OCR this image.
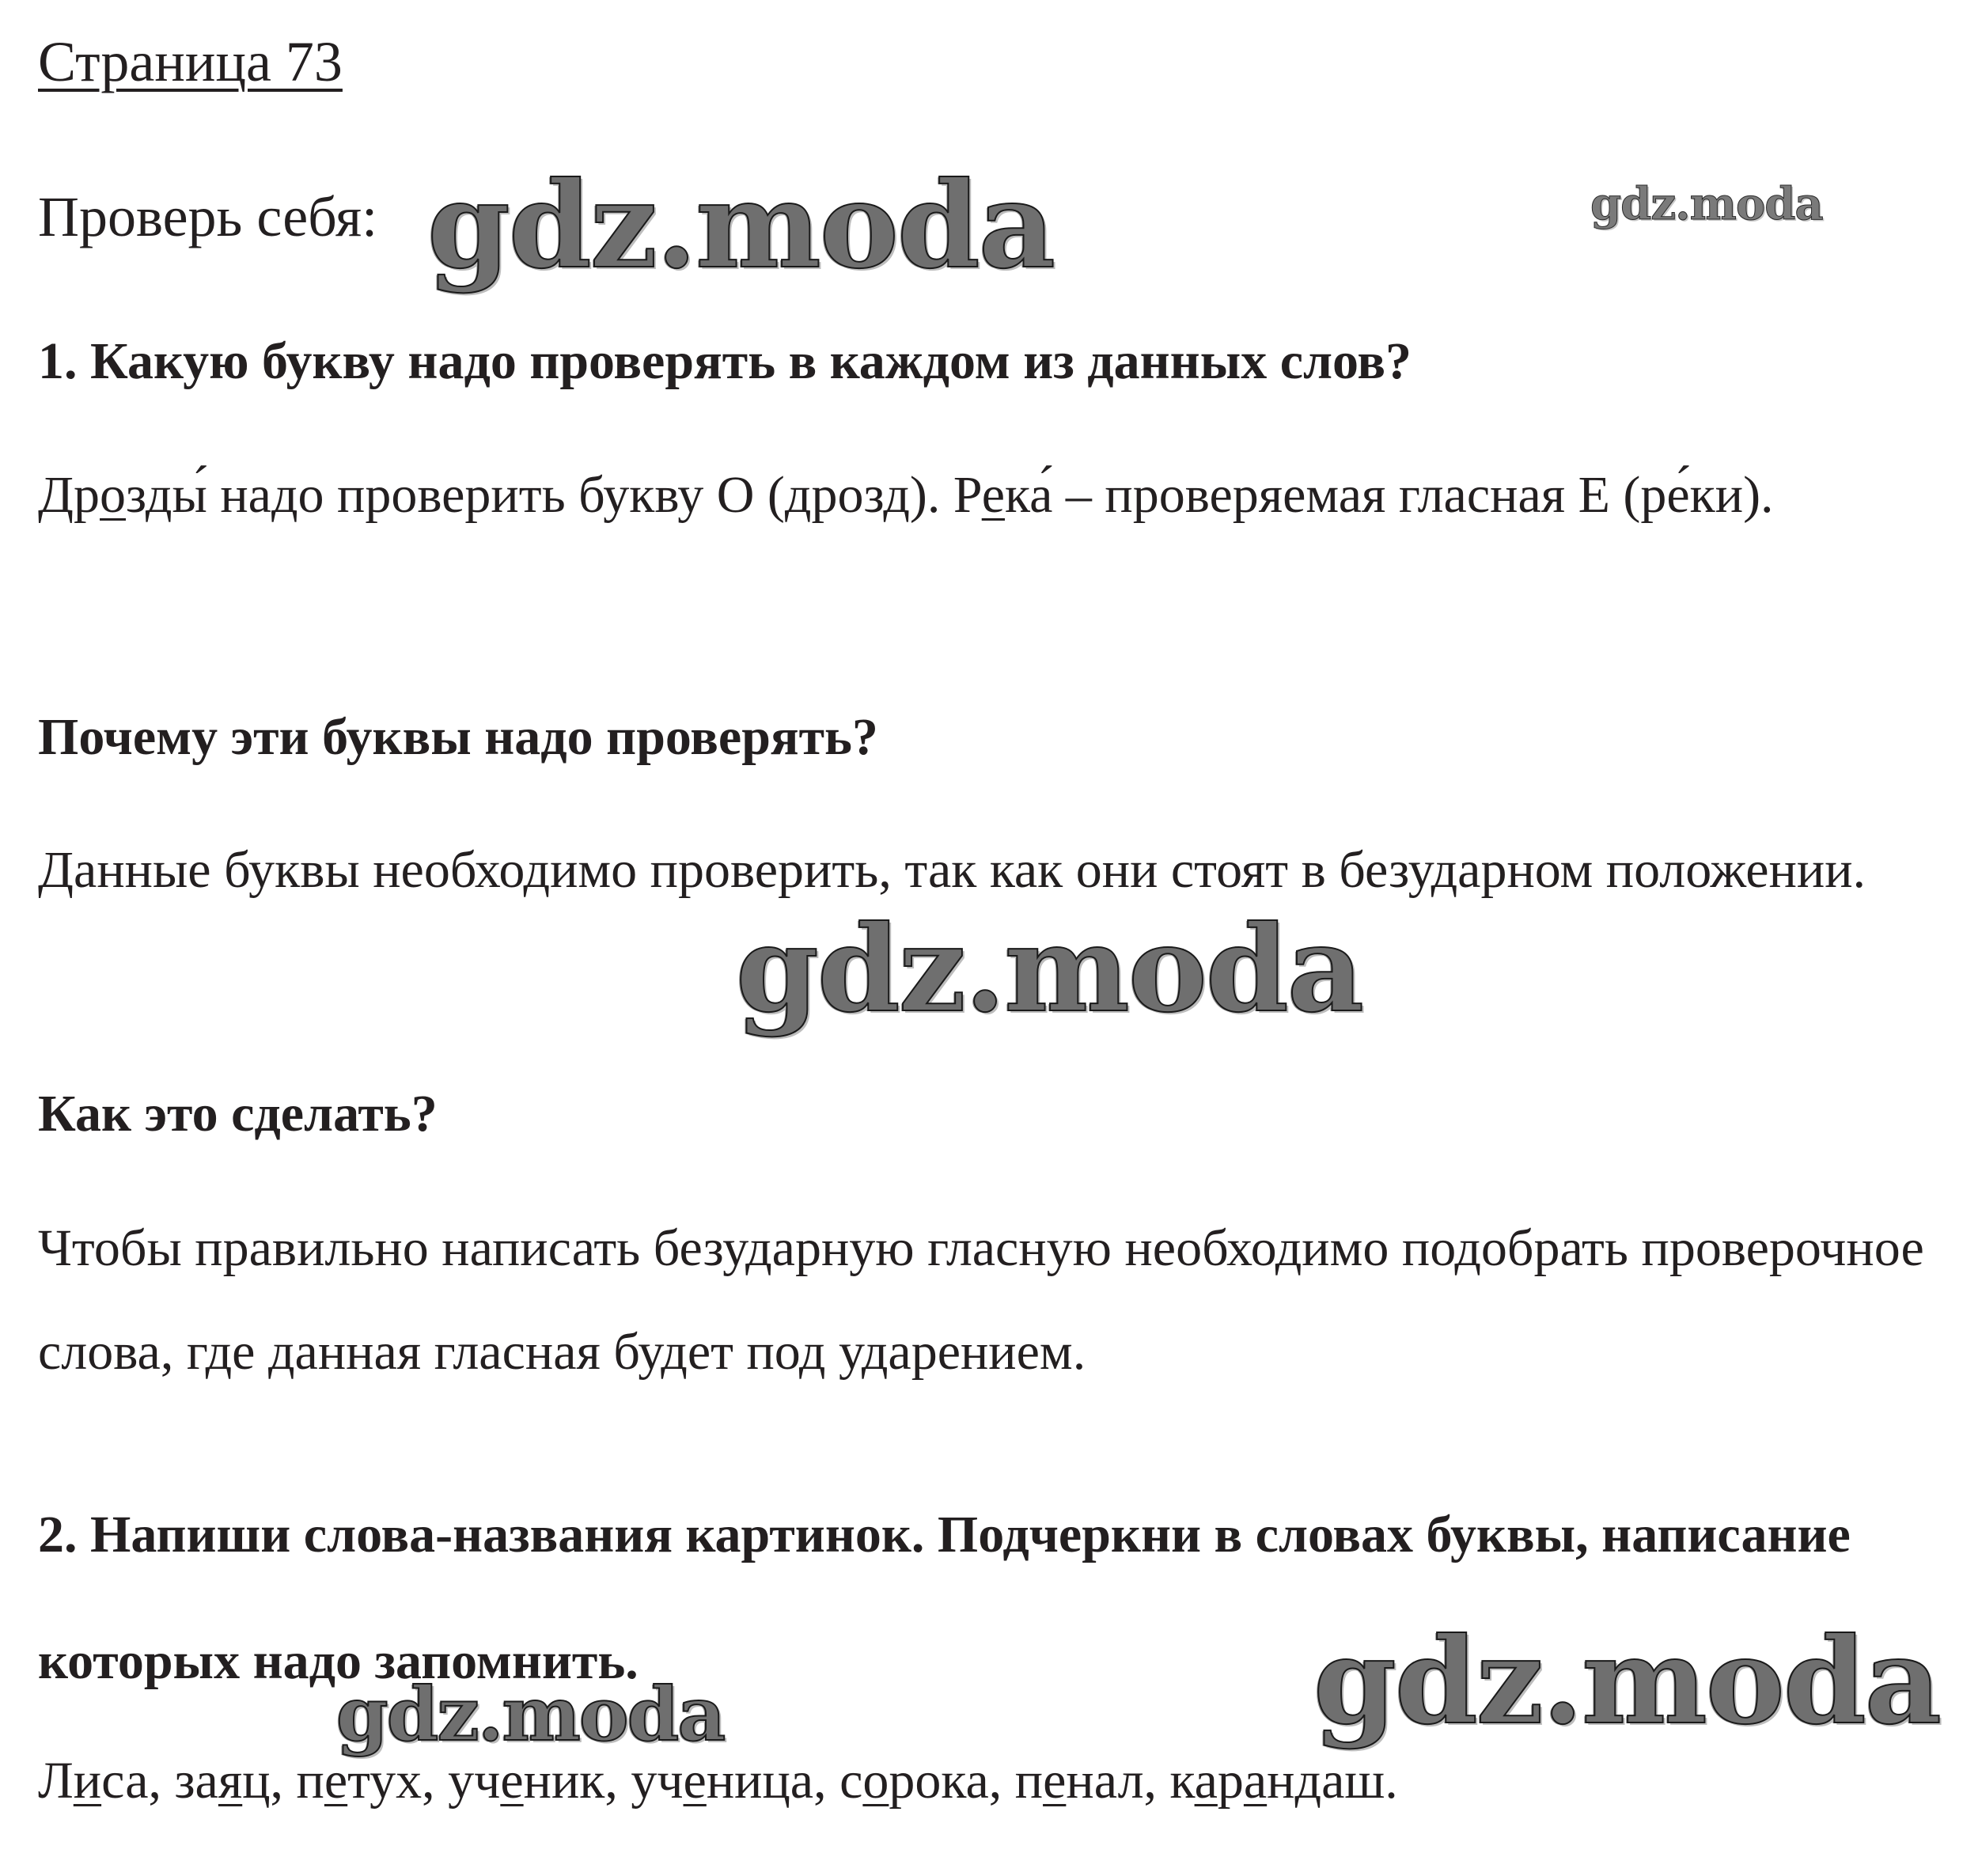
Страница 73
Проверь себя:

1. Какую букву надо проверять в каждом из данных слов?

Дрозды́ надо проверить букву О (дрозд). Река́ – проверяемая гласная Е (ре́ки).

Почему эти буквы надо проверять?

Данные буквы необходимо проверить, так как они стоят в безударном положении.

Как это сделать?

Чтобы правильно написать безударную гласную необходимо подобрать проверочное слова, где данная гласная будет под ударением.

2. Напиши слова-названия картинок. Подчеркни в словах буквы, написание которых надо запомнить.

Лиса, заяц, петух, ученик, ученица, сорока, пенал, карандаш.

gdz.moda	gdz.moda
gdz.moda
gdz.moda
gdz.moda
